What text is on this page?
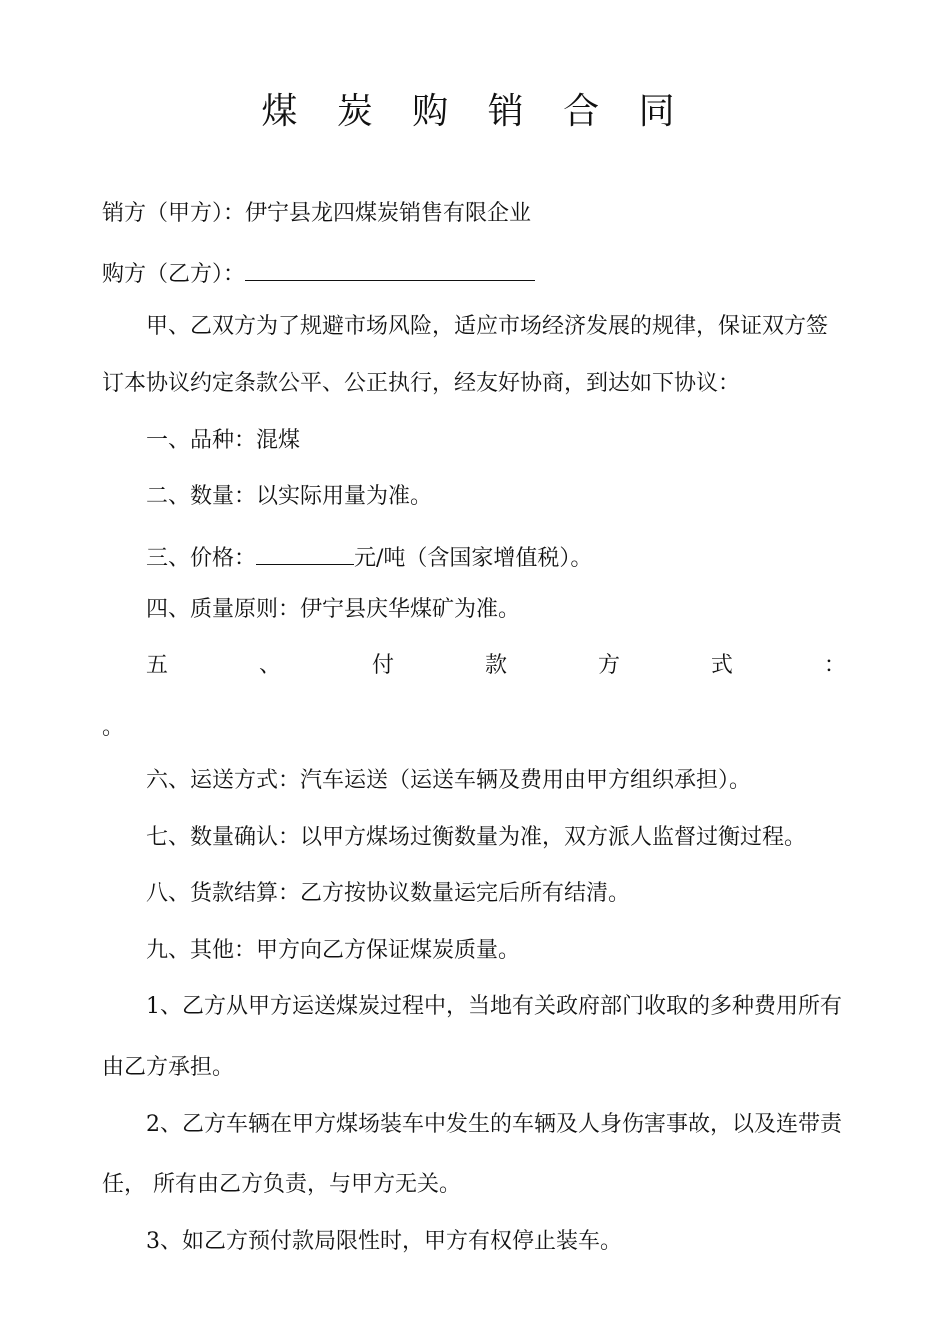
煤 炭 购 销 合 同
销方（甲方）：伊宁县龙四煤炭销售有限企业
购方（乙方）：
甲、乙双方为了规避市场风险，适应市场经济发展的规律，保证双方签
订本协议约定条款公平、公正执行，经友好协商，到达如下协议：
一、品种：混煤
二、数量：以实际用量为准。
三、价格：	元/吨（含国家增值税）。
四、质量原则：伊宁县庆华煤矿为准。
五	、	付	款	方	式	：
。
六、运送方式：汽车运送（运送车辆及费用由甲方组织承担）。
七、数量确认：以甲方煤场过衡数量为准，双方派人监督过衡过程。
八、货款结算：乙方按协议数量运完后所有结清。
九、其他：甲方向乙方保证煤炭质量。
1、乙方从甲方运送煤炭过程中，当地有关政府部门收取的多种费用所有
由乙方承担。
2、乙方车辆在甲方煤场装车中发生的车辆及人身伤害事故，以及连带责
任， 所有由乙方负责，与甲方无关。
3、如乙方预付款局限性时，甲方有权停止装车。
